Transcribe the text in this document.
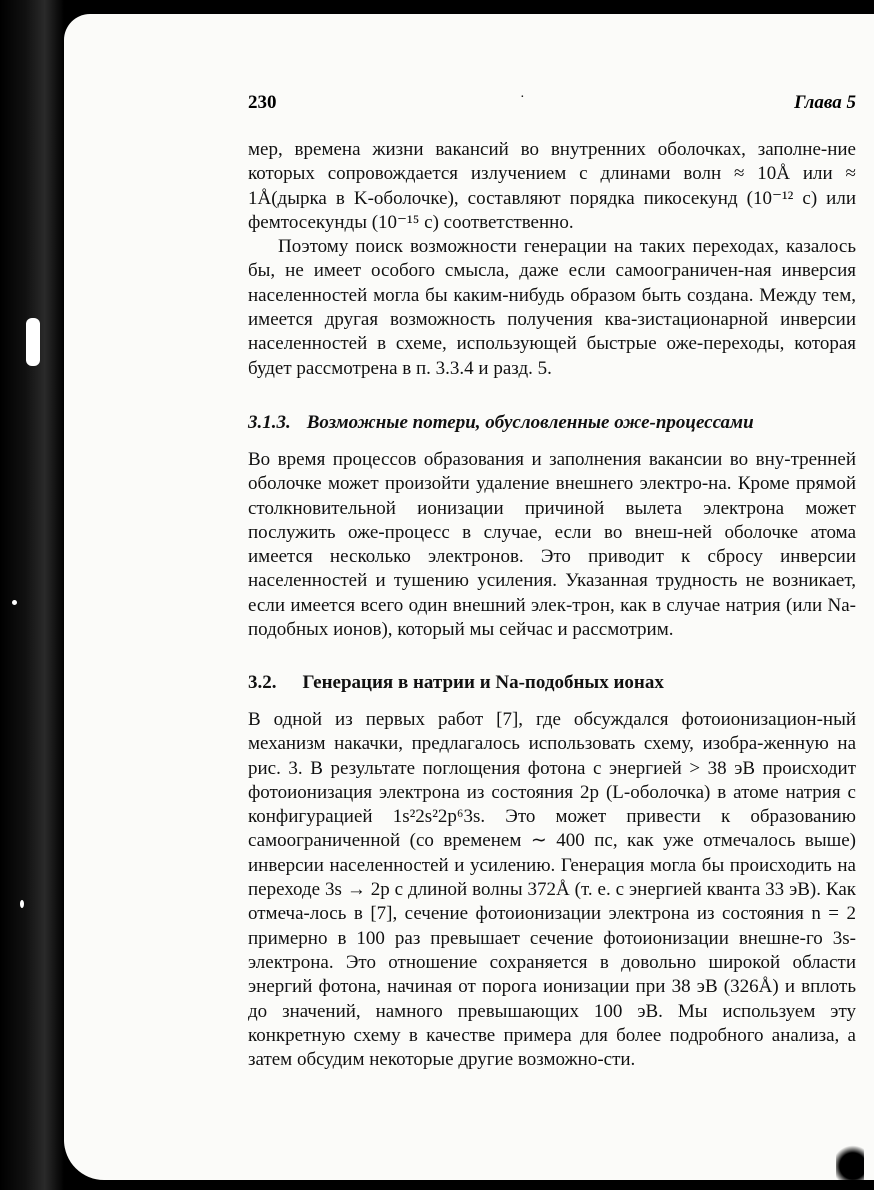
230	·	Глава 5

мер, времена жизни вакансий во внутренних оболочках, заполне-ние которых сопровождается излучением с длинами волн ≈ 10Å или ≈ 1Å(дырка в K-оболочке), составляют порядка пикосекунд (10⁻¹² с) или фемтосекунды (10⁻¹⁵ с) соответственно.

Поэтому поиск возможности генерации на таких переходах, казалось бы, не имеет особого смысла, даже если самоограничен-ная инверсия населенностей могла бы каким-нибудь образом быть создана. Между тем, имеется другая возможность получения ква-зистационарной инверсии населенностей в схеме, использующей быстрые оже-переходы, которая будет рассмотрена в п. 3.3.4 и разд. 5.

3.1.3. Возможные потери, обусловленные оже-процессами

Во время процессов образования и заполнения вакансии во вну-тренней оболочке может произойти удаление внешнего электро-на. Кроме прямой столкновительной ионизации причиной вылета электрона может послужить оже-процесс в случае, если во внеш-ней оболочке атома имеется несколько электронов. Это приводит к сбросу инверсии населенностей и тушению усиления. Указанная трудность не возникает, если имеется всего один внешний элек-трон, как в случае натрия (или Na-подобных ионов), который мы сейчас и рассмотрим.

3.2. Генерация в натрии и Na-подобных ионах

В одной из первых работ [7], где обсуждался фотоионизацион-ный механизм накачки, предлагалось использовать схему, изобра-женную на рис. 3. В результате поглощения фотона с энергией > 38 эВ происходит фотоионизация электрона из состояния 2p (L-оболочка) в атоме натрия с конфигурацией 1s²2s²2p⁶3s. Это может привести к образованию самоограниченной (со временем ∼ 400 пс, как уже отмечалось выше) инверсии населенностей и усилению. Генерация могла бы происходить на переходе 3s → 2p с длиной волны 372Å (т. е. с энергией кванта 33 эВ). Как отмеча-лось в [7], сечение фотоионизации электрона из состояния n = 2 примерно в 100 раз превышает сечение фотоионизации внешне-го 3s-электрона. Это отношение сохраняется в довольно широкой области энергий фотона, начиная от порога ионизации при 38 эВ (326Å) и вплоть до значений, намного превышающих 100 эВ. Мы используем эту конкретную схему в качестве примера для более подробного анализа, а затем обсудим некоторые другие возможно-сти.
